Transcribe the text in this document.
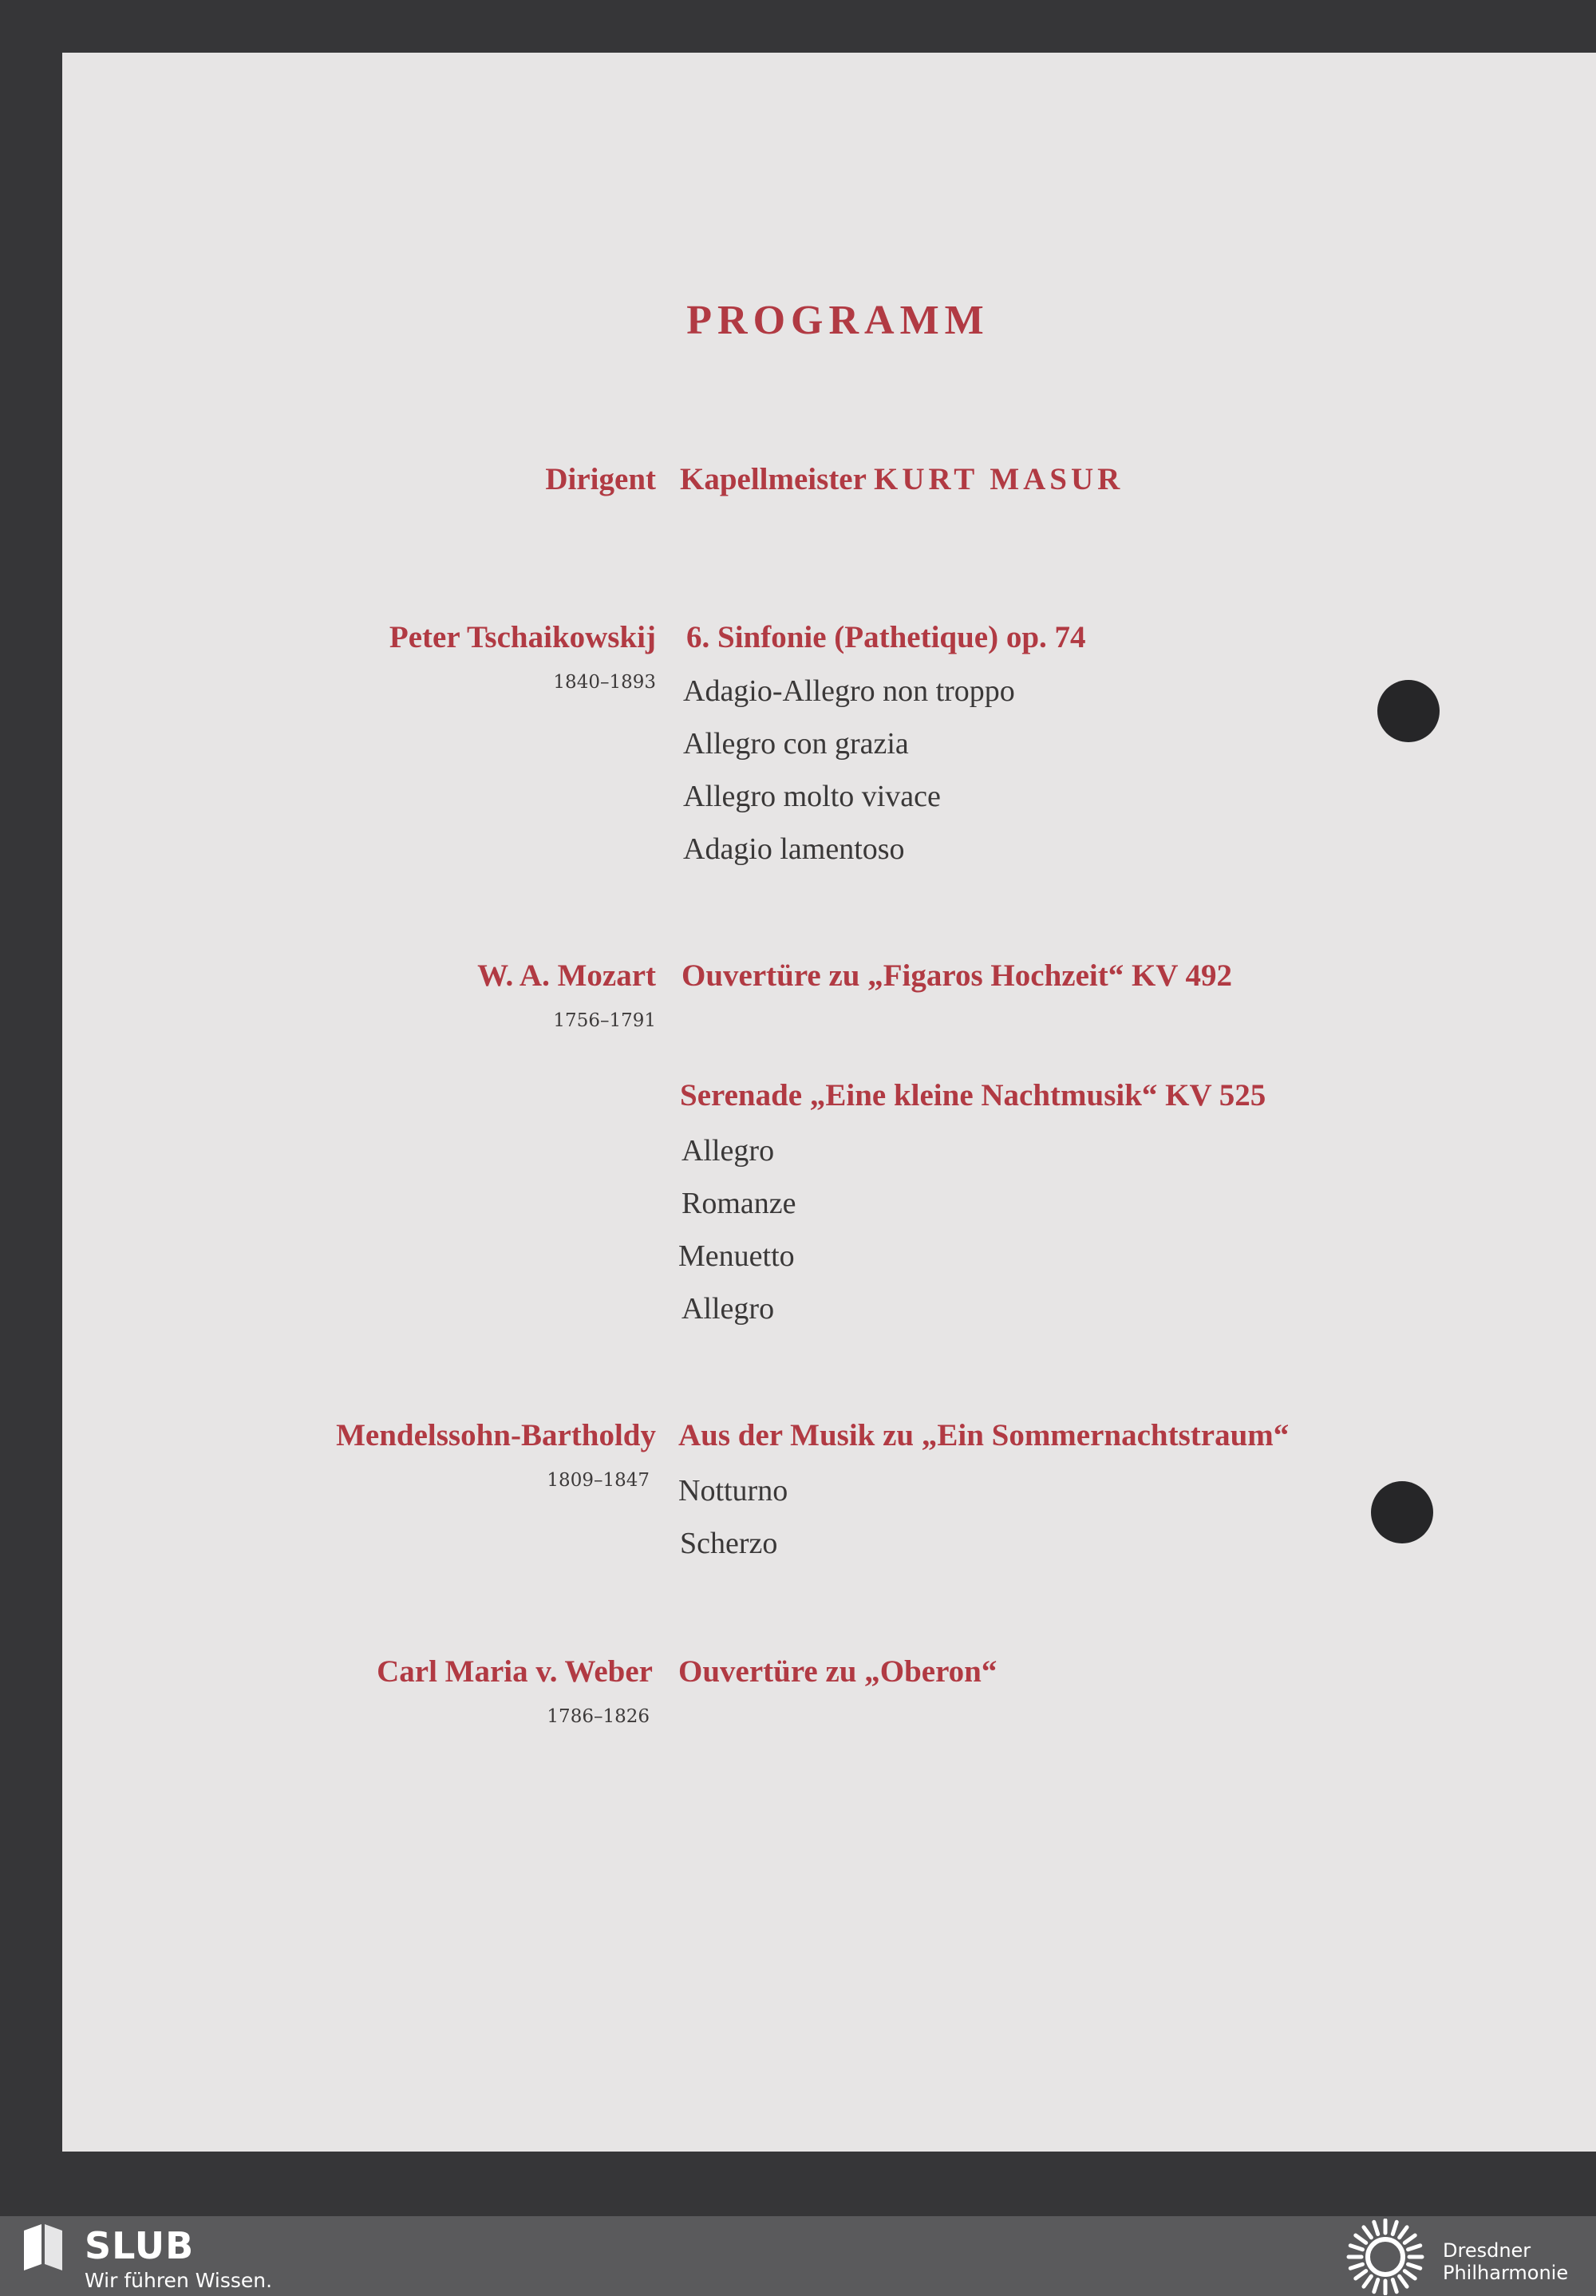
PROGRAMM
Dirigent Kapellmeister KURT MASUR
Peter Tschaikowskij
1840–1893
6. Sinfonie (Pathetique) op. 74
Adagio-Allegro non troppo
Allegro con grazia
Allegro molto vivace
Adagio lamentoso
W. A. Mozart
1756–1791
Ouvertüre zu „Figaros Hochzeit“ KV 492
Serenade „Eine kleine Nachtmusik“ KV 525
Allegro
Romanze
Menuetto
Allegro
Mendelssohn-Bartholdy
1809–1847
Aus der Musik zu „Ein Sommernachtstraum“
Notturno
Scherzo
Carl Maria v. Weber
1786–1826
Ouvertüre zu „Oberon“
SLUB
Wir führen Wissen.
Dresdner
Philharmonie
